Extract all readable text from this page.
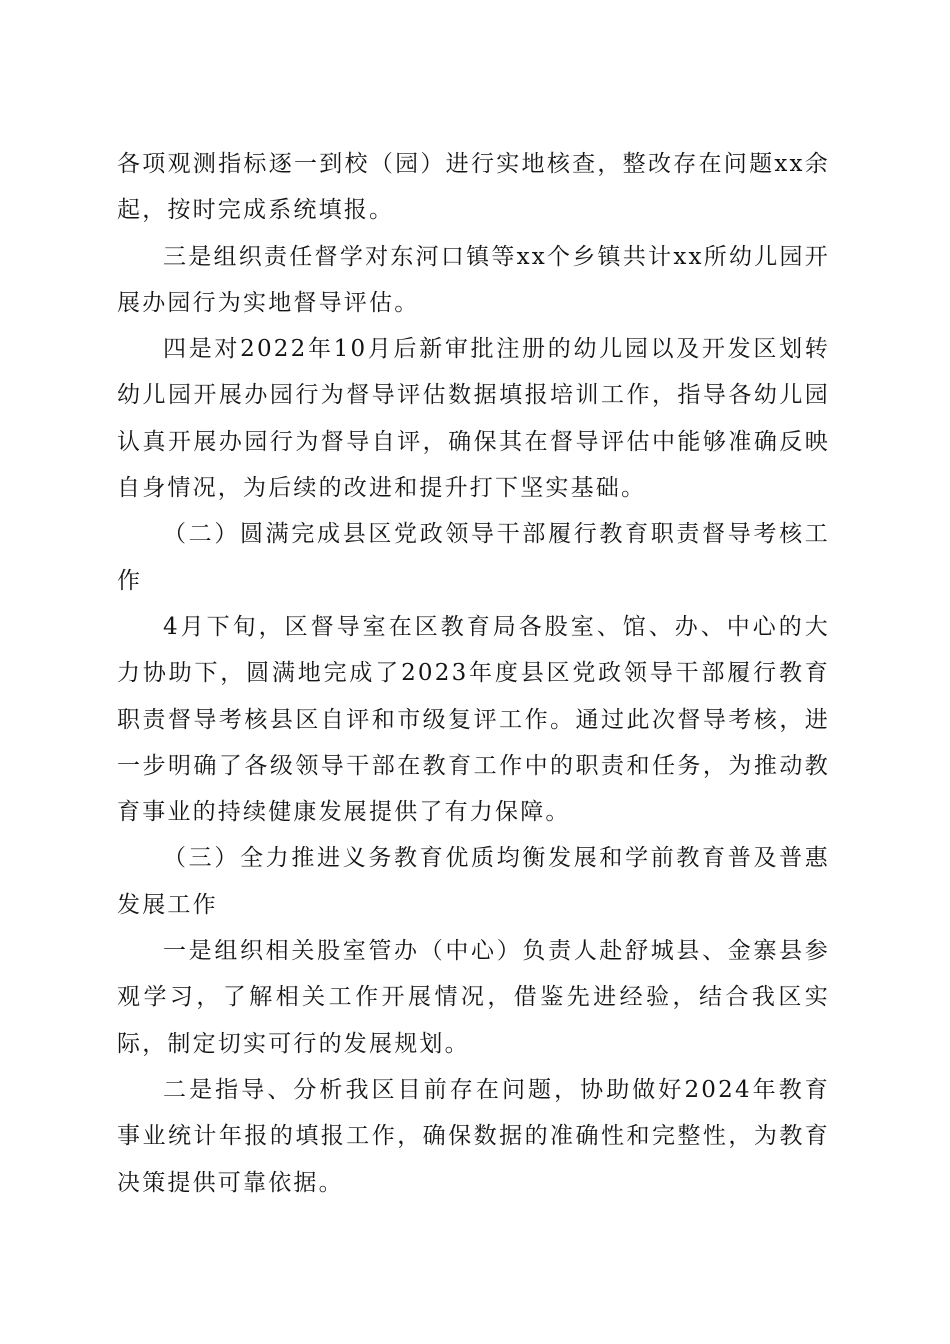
各项观测指标逐一到校（园）进行实地核查，整改存在问题xx余起，按时完成系统填报。

三是组织责任督学对东河口镇等xx个乡镇共计xx所幼儿园开展办园行为实地督导评估。

四是对2022年10月后新审批注册的幼儿园以及开发区划转幼儿园开展办园行为督导评估数据填报培训工作，指导各幼儿园认真开展办园行为督导自评，确保其在督导评估中能够准确反映自身情况，为后续的改进和提升打下坚实基础。

（二）圆满完成县区党政领导干部履行教育职责督导考核工作

4月下旬，区督导室在区教育局各股室、馆、办、中心的大力协助下，圆满地完成了2023年度县区党政领导干部履行教育职责督导考核县区自评和市级复评工作。通过此次督导考核，进一步明确了各级领导干部在教育工作中的职责和任务，为推动教育事业的持续健康发展提供了有力保障。

（三）全力推进义务教育优质均衡发展和学前教育普及普惠发展工作

一是组织相关股室管办（中心）负责人赴舒城县、金寨县参观学习，了解相关工作开展情况，借鉴先进经验，结合我区实际，制定切实可行的发展规划。

二是指导、分析我区目前存在问题，协助做好2024年教育事业统计年报的填报工作，确保数据的准确性和完整性，为教育决策提供可靠依据。
